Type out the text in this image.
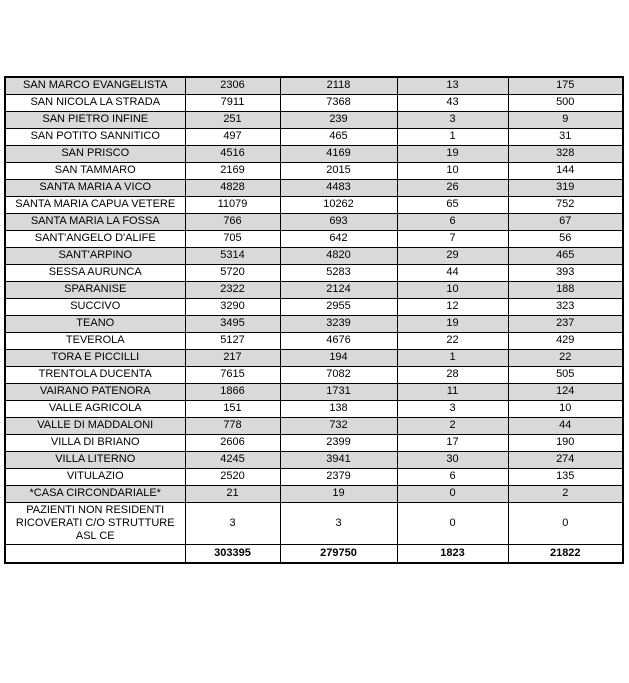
SAN MARCO EVANGELISTA	2306	2118	13	175
SAN NICOLA LA STRADA	7911	7368	43	500
SAN PIETRO INFINE	251	239	3	9
SAN POTITO SANNITICO	497	465	1	31
SAN PRISCO	4516	4169	19	328
SAN TAMMARO	2169	2015	10	144
SANTA MARIA A VICO	4828	4483	26	319
SANTA MARIA CAPUA VETERE	11079	10262	65	752
SANTA MARIA LA FOSSA	766	693	6	67
SANT'ANGELO D'ALIFE	705	642	7	56
SANT'ARPINO	5314	4820	29	465
SESSA AURUNCA	5720	5283	44	393
SPARANISE	2322	2124	10	188
SUCCIVO	3290	2955	12	323
TEANO	3495	3239	19	237
TEVEROLA	5127	4676	22	429
TORA E PICCILLI	217	194	1	22
TRENTOLA DUCENTA	7615	7082	28	505
VAIRANO PATENORA	1866	1731	11	124
VALLE AGRICOLA	151	138	3	10
VALLE DI MADDALONI	778	732	2	44
VILLA DI BRIANO	2606	2399	17	190
VILLA LITERNO	4245	3941	30	274
VITULAZIO	2520	2379	6	135
*CASA CIRCONDARIALE*	21	19	0	2
PAZIENTI NON RESIDENTI RICOVERATI C/O STRUTTURE ASL CE	3	3	0	0
	303395	279750	1823	21822
